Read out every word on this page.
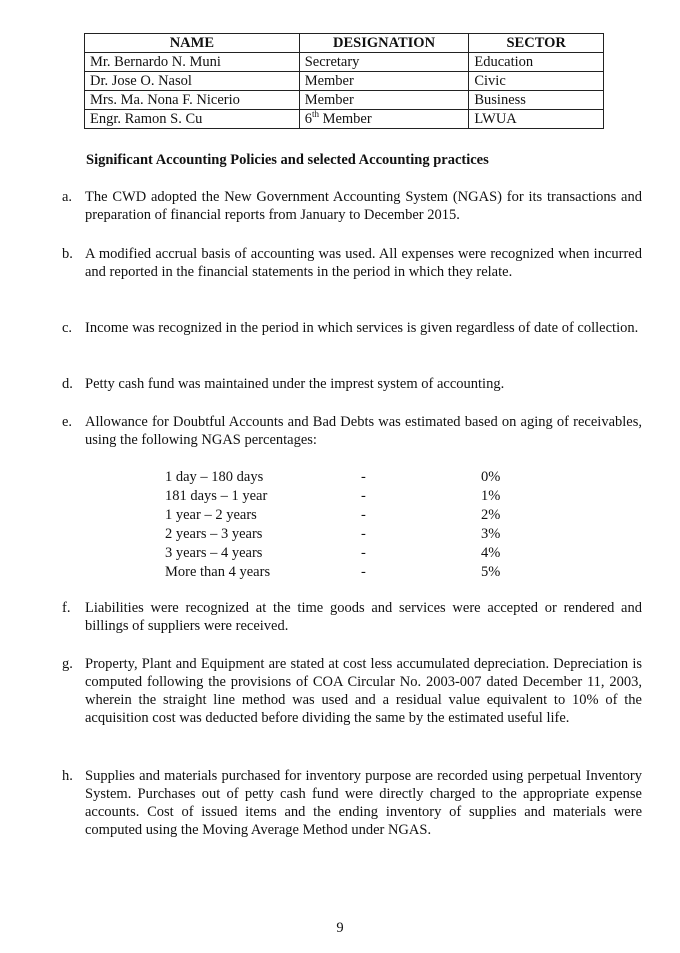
NAME	DESIGNATION	SECTOR
Mr. Bernardo N. Muni	Secretary	Education
Dr. Jose O. Nasol	Member	Civic
Mrs. Ma. Nona F. Nicerio	Member	Business
Engr. Ramon S. Cu	6th Member	LWUA
Significant Accounting Policies and selected Accounting practices
a. The CWD adopted the New Government Accounting System (NGAS) for its transactions and preparation of financial reports from January to December 2015.
b. A modified accrual basis of accounting was used. All expenses were recognized when incurred and reported in the financial statements in the period in which they relate.
c. Income was recognized in the period in which services is given regardless of date of collection.
d. Petty cash fund was maintained under the imprest system of accounting.
e. Allowance for Doubtful Accounts and Bad Debts was estimated based on aging of receivables, using the following NGAS percentages:
1 day – 180 days	-	0%
181 days – 1 year	-	1%
1 year – 2 years	-	2%
2 years – 3 years	-	3%
3 years – 4 years	-	4%
More than 4 years	-	5%
f.	Liabilities were recognized at the time goods and services were accepted or rendered and billings of suppliers were received.
g. Property, Plant and Equipment are stated at cost less accumulated depreciation. Depreciation is computed following the provisions of COA Circular No. 2003-007 dated December 11, 2003, wherein the straight line method was used and a residual value equivalent to 10% of the acquisition cost was deducted before dividing the same by the estimated useful life.
h. Supplies and materials purchased for inventory purpose are recorded using perpetual Inventory System. Purchases out of petty cash fund were directly charged to the appropriate expense accounts. Cost of issued items and the ending inventory of supplies and materials were computed using the Moving Average Method under NGAS.
9
